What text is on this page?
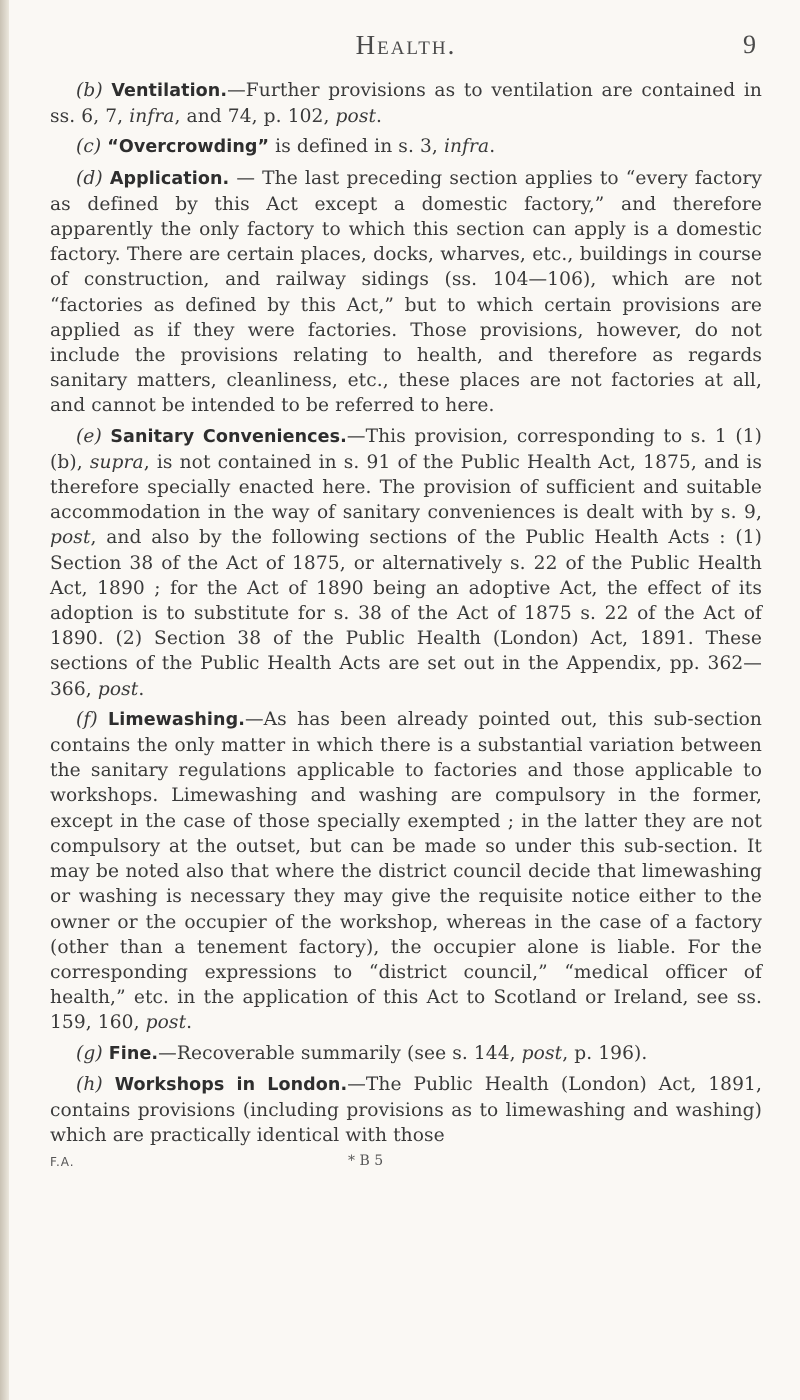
Health.	9

(b) Ventilation.—Further provisions as to ventilation are contained in ss. 6, 7, infra, and 74, p. 102, post.

(c) “Overcrowding” is defined in s. 3, infra.

(d) Application. — The last preceding section applies to “every factory as defined by this Act except a domestic factory,” and therefore apparently the only factory to which this section can apply is a domestic factory. There are certain places, docks, wharves, etc., buildings in course of construction, and railway sidings (ss. 104—106), which are not “factories as defined by this Act,” but to which certain provisions are applied as if they were factories. Those provisions, however, do not include the provisions relating to health, and therefore as regards sanitary matters, cleanliness, etc., these places are not factories at all, and cannot be intended to be referred to here.

(e) Sanitary Conveniences.—This provision, corresponding to s. 1 (1) (b), supra, is not contained in s. 91 of the Public Health Act, 1875, and is therefore specially enacted here. The provision of sufficient and suitable accommodation in the way of sanitary conveniences is dealt with by s. 9, post, and also by the following sections of the Public Health Acts : (1) Section 38 of the Act of 1875, or alternatively s. 22 of the Public Health Act, 1890 ; for the Act of 1890 being an adoptive Act, the effect of its adoption is to substitute for s. 38 of the Act of 1875 s. 22 of the Act of 1890. (2) Section 38 of the Public Health (London) Act, 1891. These sections of the Public Health Acts are set out in the Appendix, pp. 362—366, post.

(f) Limewashing.—As has been already pointed out, this sub-section contains the only matter in which there is a substantial variation between the sanitary regulations applicable to factories and those applicable to workshops. Limewashing and washing are compulsory in the former, except in the case of those specially exempted ; in the latter they are not compulsory at the outset, but can be made so under this sub-section. It may be noted also that where the district council decide that limewashing or washing is necessary they may give the requisite notice either to the owner or the occupier of the workshop, whereas in the case of a factory (other than a tenement factory), the occupier alone is liable. For the corresponding expressions to “district council,” “medical officer of health,” etc. in the application of this Act to Scotland or Ireland, see ss. 159, 160, post.

(g) Fine.—Recoverable summarily (see s. 144, post, p. 196).

(h) Workshops in London.—The Public Health (London) Act, 1891, contains provisions (including provisions as to limewashing and washing) which are practically identical with those

F.A.	* B 5
